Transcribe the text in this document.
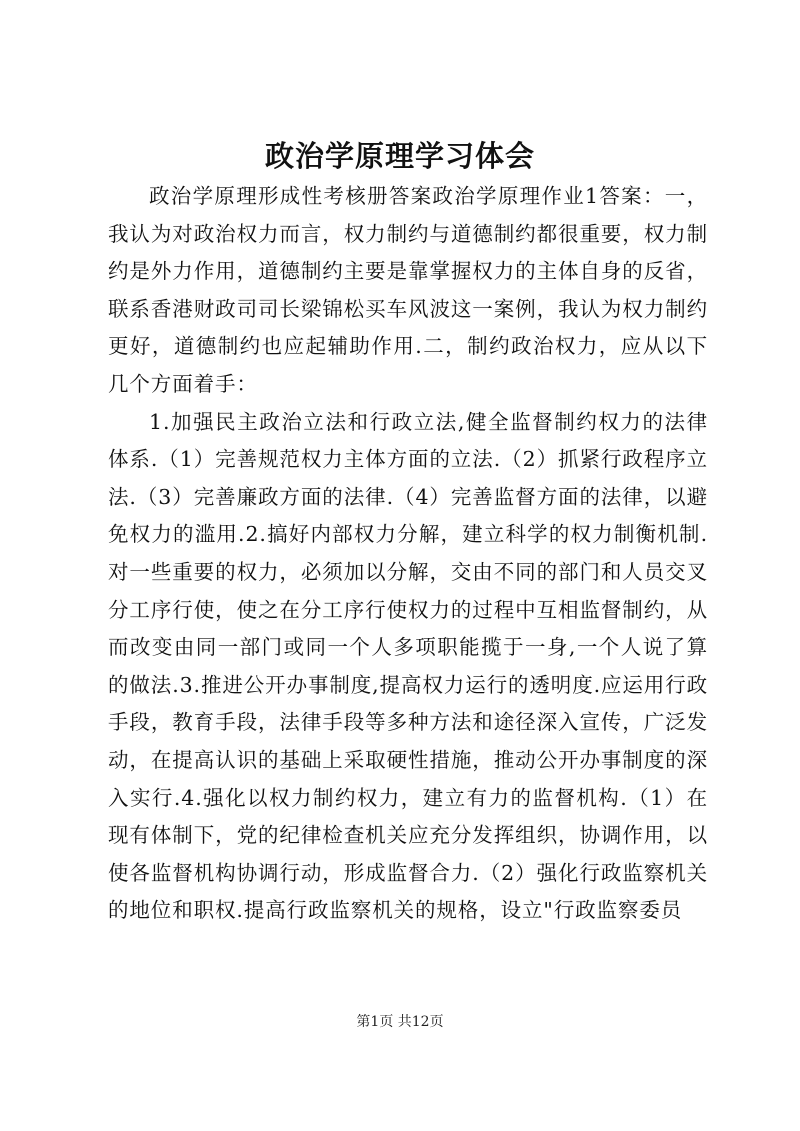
政治学原理学习体会

政治学原理形成性考核册答案政治学原理作业1答案：一，我认为对政治权力而言，权力制约与道德制约都很重要，权力制约是外力作用，道德制约主要是靠掌握权力的主体自身的反省，联系香港财政司司长梁锦松买车风波这一案例，我认为权力制约更好，道德制约也应起辅助作用.二，制约政治权力，应从以下几个方面着手：

1.加强民主政治立法和行政立法,健全监督制约权力的法律体系.（1）完善规范权力主体方面的立法.（2）抓紧行政程序立法.（3）完善廉政方面的法律.（4）完善监督方面的法律，以避免权力的滥用.2.搞好内部权力分解，建立科学的权力制衡机制.对一些重要的权力，必须加以分解，交由不同的部门和人员交叉分工序行使，使之在分工序行使权力的过程中互相监督制约，从而改变由同一部门或同一个人多项职能揽于一身,一个人说了算的做法.3.推进公开办事制度,提高权力运行的透明度.应运用行政手段，教育手段，法律手段等多种方法和途径深入宣传，广泛发动，在提高认识的基础上采取硬性措施，推动公开办事制度的深入实行.4.强化以权力制约权力，建立有力的监督机构.（1）在现有体制下，党的纪律检查机关应充分发挥组织，协调作用，以使各监督机构协调行动，形成监督合力.（2）强化行政监察机关的地位和职权.提高行政监察机关的规格，设立"行政监察委员

第1页 共12页
